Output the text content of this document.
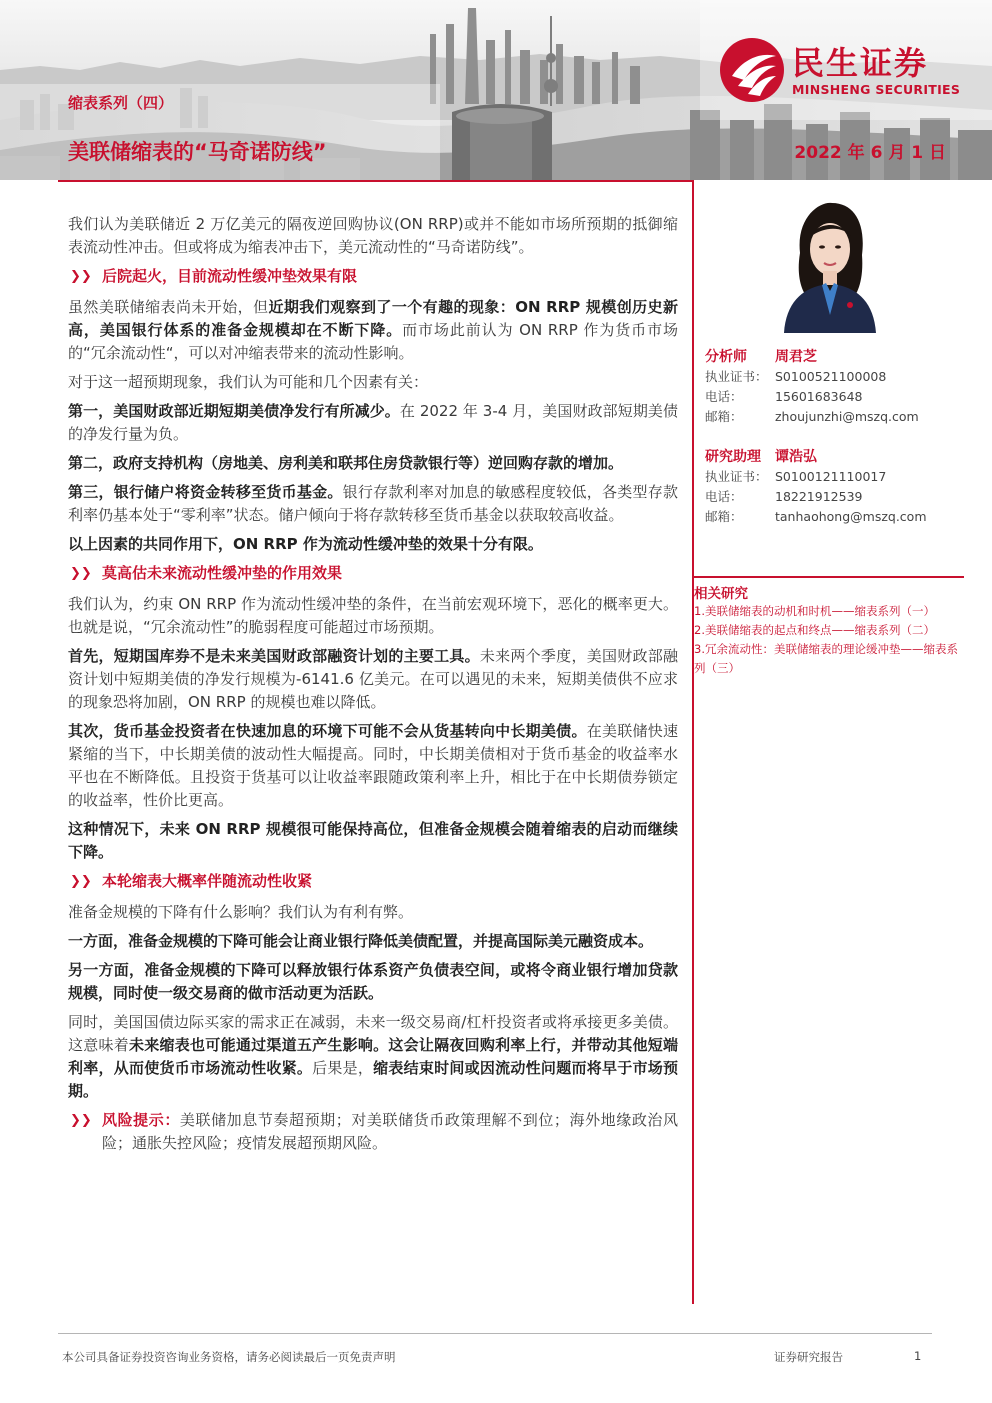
缩表系列（四）
美联储缩表的“马奇诺防线”	2022 年 6 月 1 日
民生证券
MINSHENG SECURITIES

我们认为美联储近 2 万亿美元的隔夜逆回购协议(ON RRP)或并不能如市场所预期的抵御缩表流动性冲击。但或将成为缩表冲击下，美元流动性的“马奇诺防线”。

❯❯ 后院起火，目前流动性缓冲垫效果有限

虽然美联储缩表尚未开始，但近期我们观察到了一个有趣的现象：ON RRP 规模创历史新高，美国银行体系的准备金规模却在不断下降。而市场此前认为 ON RRP 作为货币市场的“冗余流动性“，可以对冲缩表带来的流动性影响。

对于这一超预期现象，我们认为可能和几个因素有关：

第一，美国财政部近期短期美债净发行有所减少。在 2022 年 3-4 月，美国财政部短期美债的净发行量为负。

第二，政府支持机构（房地美、房利美和联邦住房贷款银行等）逆回购存款的增加。

第三，银行储户将资金转移至货币基金。银行存款利率对加息的敏感程度较低，各类型存款利率仍基本处于“零利率”状态。储户倾向于将存款转移至货币基金以获取较高收益。

以上因素的共同作用下，ON RRP 作为流动性缓冲垫的效果十分有限。

❯❯ 莫高估未来流动性缓冲垫的作用效果

我们认为，约束 ON RRP 作为流动性缓冲垫的条件，在当前宏观环境下，恶化的概率更大。也就是说，“冗余流动性”的脆弱程度可能超过市场预期。

首先，短期国库券不是未来美国财政部融资计划的主要工具。未来两个季度，美国财政部融资计划中短期美债的净发行规模为-6141.6 亿美元。在可以遇见的未来，短期美债供不应求的现象恐将加剧，ON RRP 的规模也难以降低。

其次，货币基金投资者在快速加息的环境下可能不会从货基转向中长期美债。在美联储快速紧缩的当下，中长期美债的波动性大幅提高。同时，中长期美债相对于货币基金的收益率水平也在不断降低。且投资于货基可以让收益率跟随政策利率上升，相比于在中长期债券锁定的收益率，性价比更高。

这种情况下，未来 ON RRP 规模很可能保持高位，但准备金规模会随着缩表的启动而继续下降。

❯❯ 本轮缩表大概率伴随流动性收紧

准备金规模的下降有什么影响？我们认为有利有弊。

一方面，准备金规模的下降可能会让商业银行降低美债配置，并提高国际美元融资成本。

另一方面，准备金规模的下降可以释放银行体系资产负债表空间，或将令商业银行增加贷款规模，同时使一级交易商的做市活动更为活跃。

同时，美国国债边际买家的需求正在减弱，未来一级交易商/杠杆投资者或将承接更多美债。这意味着未来缩表也可能通过渠道五产生影响。这会让隔夜回购利率上行，并带动其他短端利率，从而使货币市场流动性收紧。后果是，缩表结束时间或因流动性问题而将早于市场预期。

❯❯ 风险提示：美联储加息节奏超预期；对美联储货币政策理解不到位；海外地缘政治风险；通胀失控风险；疫情发展超预期风险。

分析师 周君芝
执业证书： S0100521100008
电话：	15601683648
邮箱：	zhoujunzhi@mszq.com
研究助理 谭浩弘
执业证书： S0100121110017
电话：	18221912539
邮箱：	tanhaohong@mszq.com
相关研究
1.美联储缩表的动机和时机——缩表系列（一）
2.美联储缩表的起点和终点——缩表系列（二）
3.冗余流动性：美联储缩表的理论缓冲垫——缩表系列（三）
本公司具备证券投资咨询业务资格，请务必阅读最后一页免责声明	证券研究报告	1
